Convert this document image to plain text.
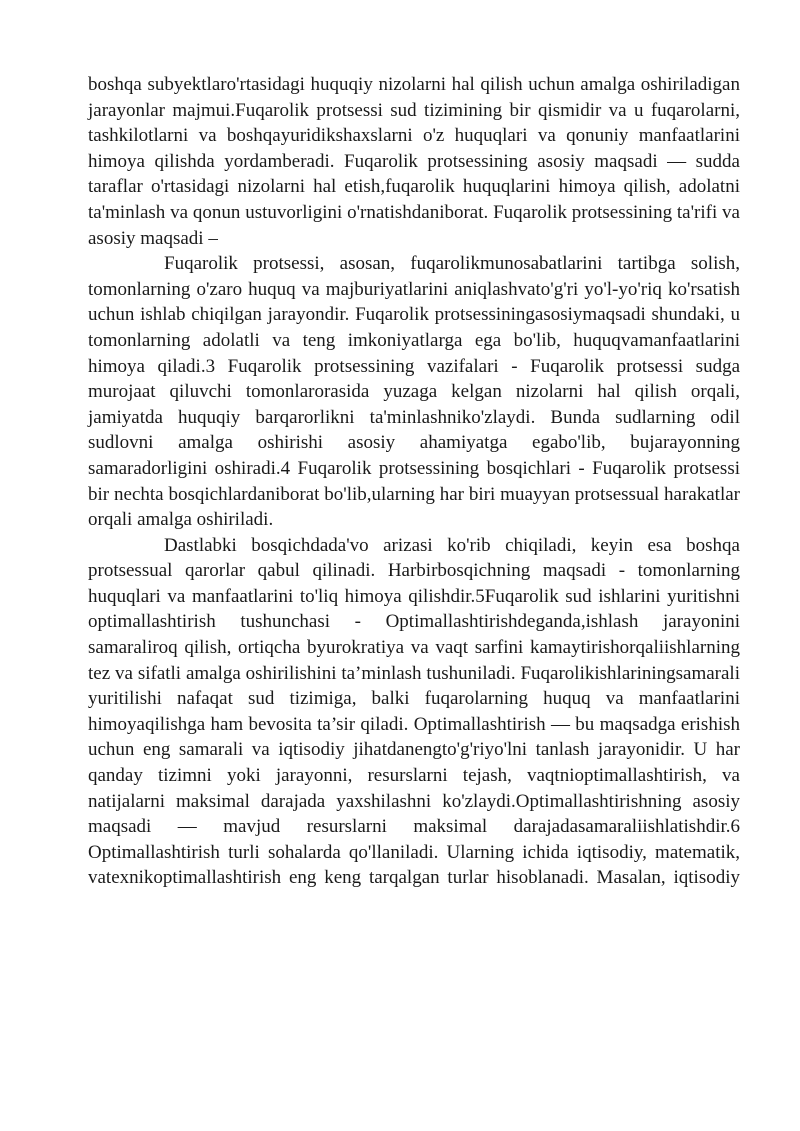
boshqa subyektlaro'rtasidagi huquqiy nizolarni hal qilish uchun amalga oshiriladigan jarayonlar majmui.Fuqarolik protsessi sud tizimining bir qismidir va u fuqarolarni, tashkilotlarni va boshqayuridikshaxslarni o'z huquqlari va qonuniy manfaatlarini himoya qilishda yordamberadi. Fuqarolik protsessining asosiy maqsadi — sudda taraflar o'rtasidagi nizolarni hal etish,fuqarolik huquqlarini himoya qilish, adolatni ta'minlash va qonun ustuvorligini o'rnatishdaniborat. Fuqarolik protsessining ta'rifi va asosiy maqsadi –

Fuqarolik protsessi, asosan, fuqarolikmunosabatlarini tartibga solish, tomonlarning o'zaro huquq va majburiyatlarini aniqlashvato'g'ri yo'l-yo'riq ko'rsatish uchun ishlab chiqilgan jarayondir. Fuqarolik protsessiningasosiymaqsadi shundaki, u tomonlarning adolatli va teng imkoniyatlarga ega bo'lib, huquqvamanfaatlarini himoya qiladi.3 Fuqarolik protsessining vazifalari - Fuqarolik protsessi sudga murojaat qiluvchi tomonlarorasida yuzaga kelgan nizolarni hal qilish orqali, jamiyatda huquqiy barqarorlikni ta'minlashniko'zlaydi. Bunda sudlarning odil sudlovni amalga oshirishi asosiy ahamiyatga egabo'lib, bujarayonning samaradorligini oshiradi.4 Fuqarolik protsessining bosqichlari - Fuqarolik protsessi bir nechta bosqichlardaniborat bo'lib,ularning har biri muayyan protsessual harakatlar orqali amalga oshiriladi.

Dastlabki bosqichdada'vo arizasi ko'rib chiqiladi, keyin esa boshqa protsessual qarorlar qabul qilinadi. Harbirbosqichning maqsadi - tomonlarning huquqlari va manfaatlarini to'liq himoya qilishdir.5Fuqarolik sud ishlarini yuritishni optimallashtirish tushunchasi - Optimallashtirishdeganda,ishlash jarayonini samaraliroq qilish, ortiqcha byurokratiya va vaqt sarfini kamaytirishorqaliishlarning tez va sifatli amalga oshirilishini ta’minlash tushuniladi. Fuqarolikishlariningsamarali yuritilishi nafaqat sud tizimiga, balki fuqarolarning huquq va manfaatlarini himoyaqilishga ham bevosita ta’sir qiladi. Optimallashtirish — bu maqsadga erishish uchun eng samarali va iqtisodiy jihatdanengto'g'riyo'lni tanlash jarayonidir. U har qanday tizimni yoki jarayonni, resurslarni tejash, vaqtnioptimallashtirish, va natijalarni maksimal darajada yaxshilashni ko'zlaydi.Optimallashtirishning asosiy maqsadi — mavjud resurslarni maksimal darajadasamaraliishlatishdir.6 Optimallashtirish turli sohalarda qo'llaniladi. Ularning ichida iqtisodiy, matematik, vatexnikoptimallashtirish eng keng tarqalgan turlar hisoblanadi. Masalan, iqtisodiy
